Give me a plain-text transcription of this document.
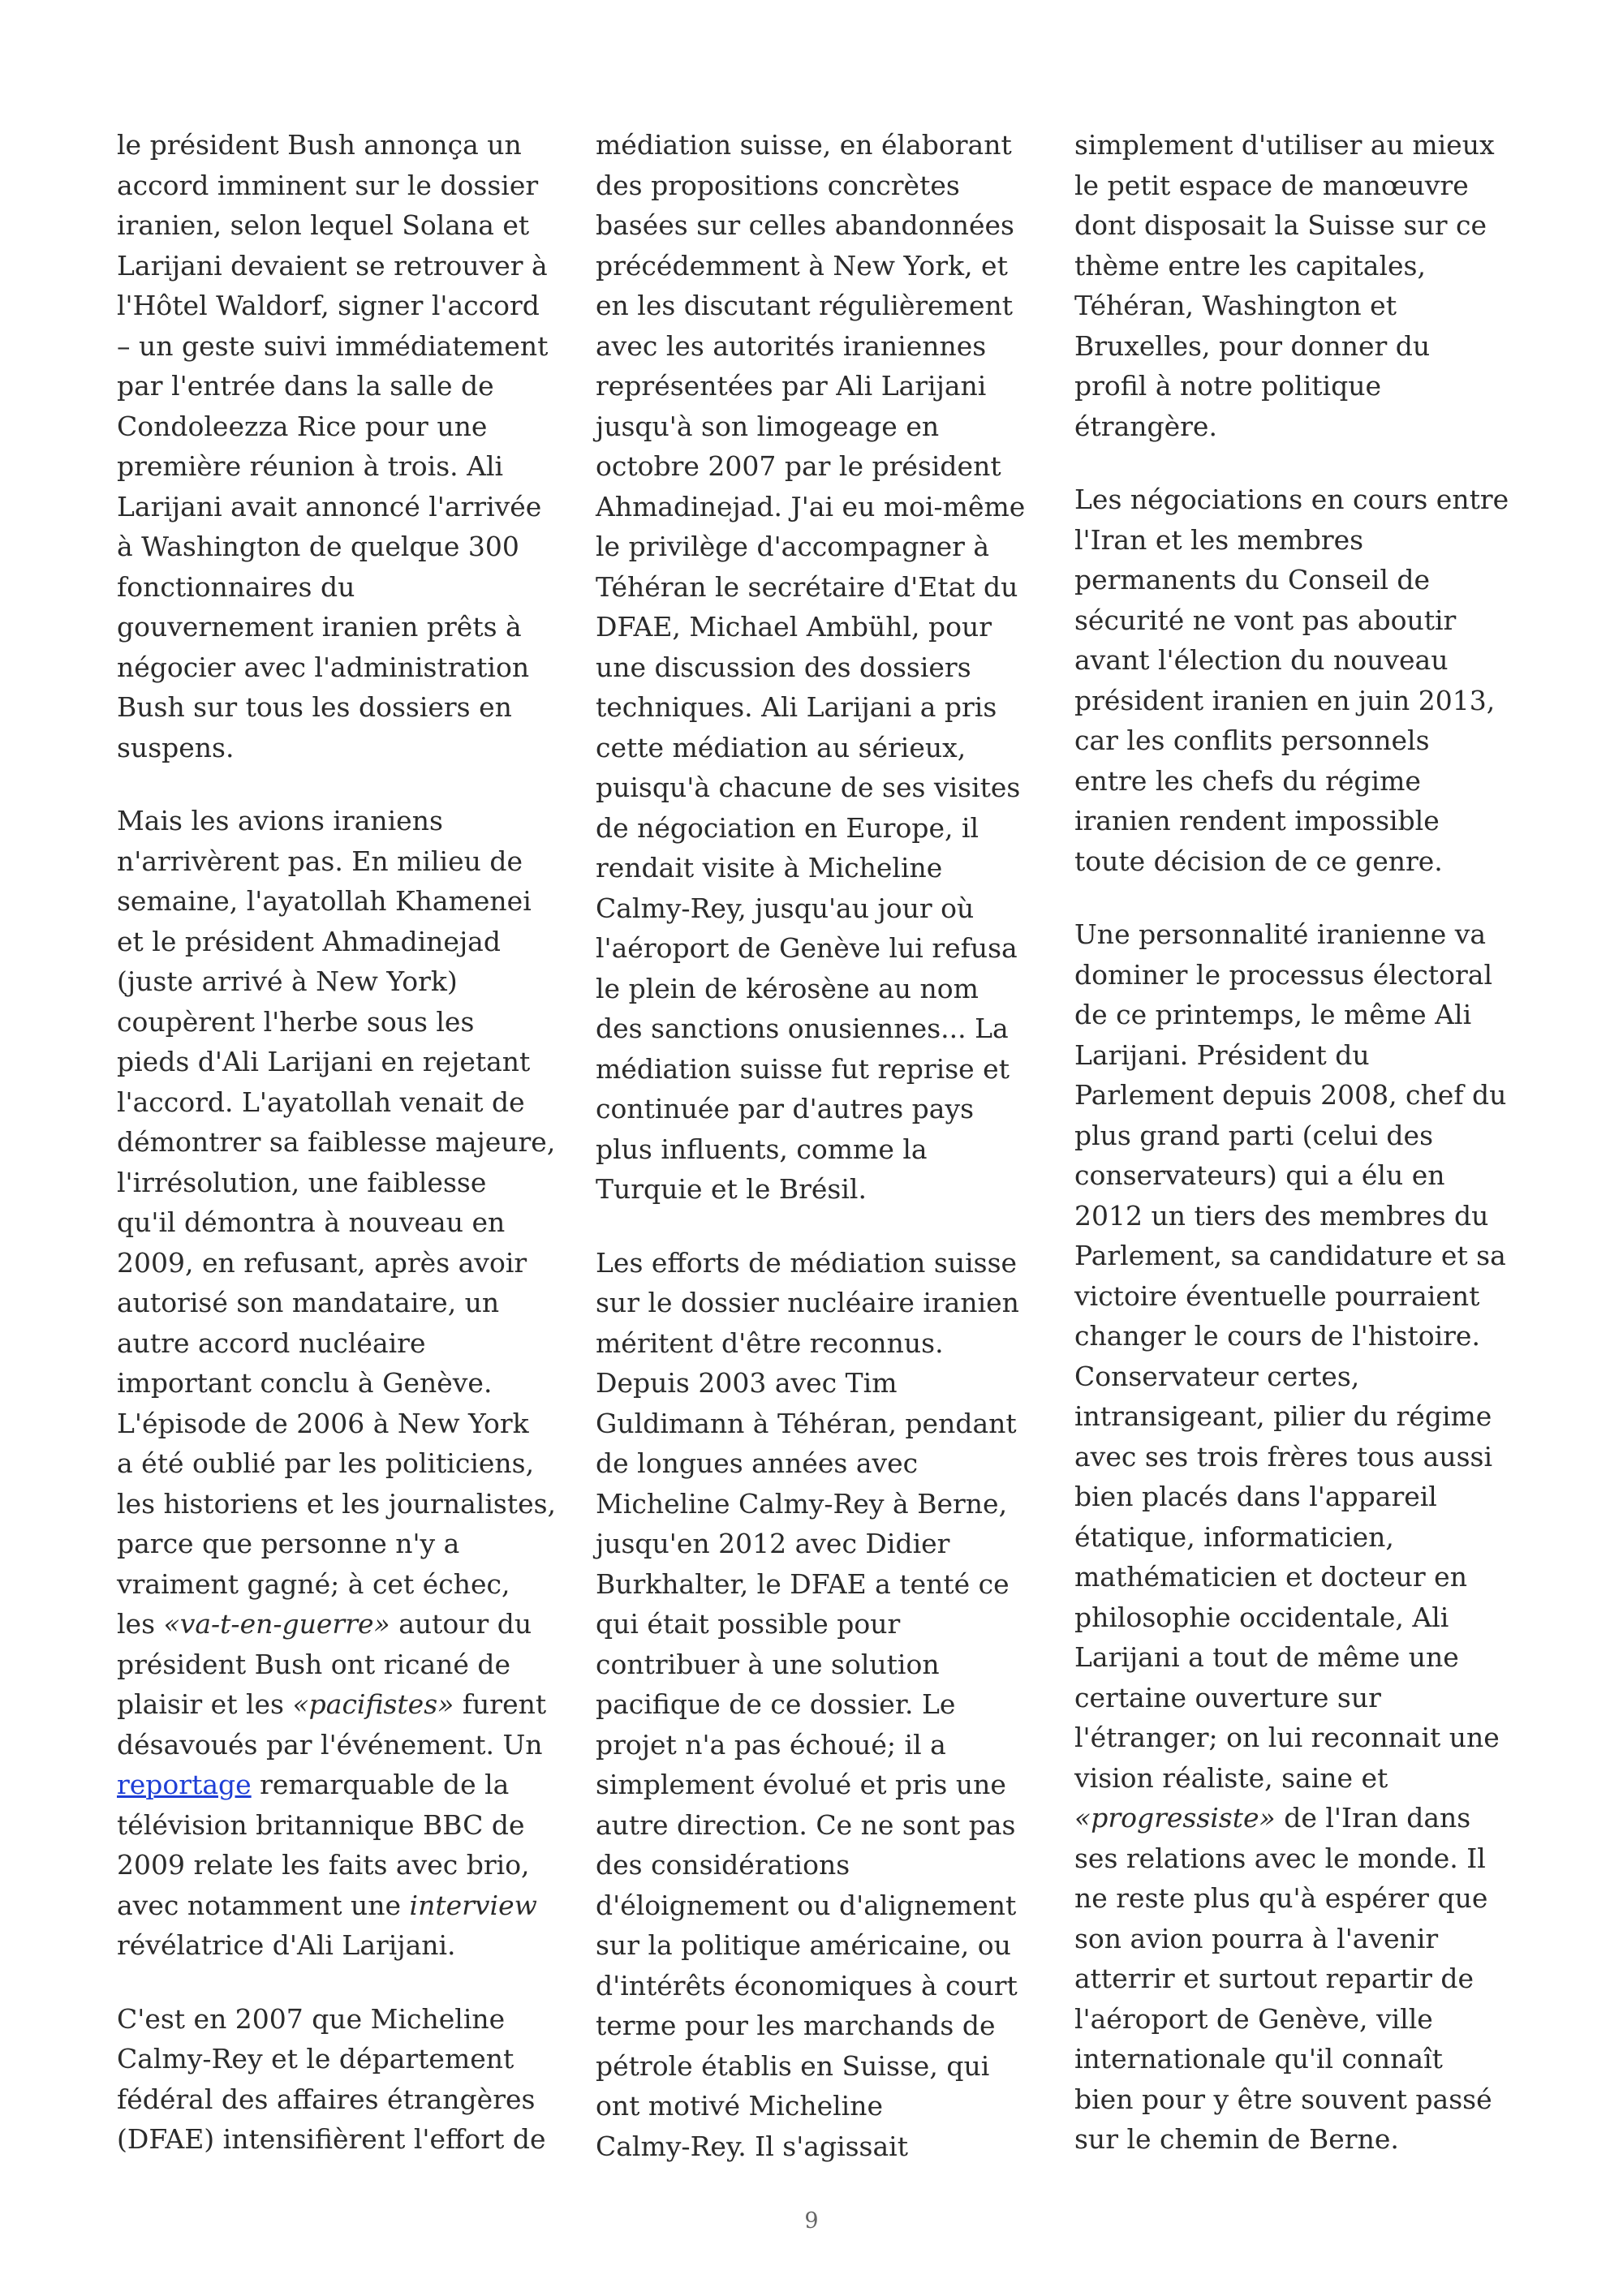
le président Bush annonça un
accord imminent sur le dossier
iranien, selon lequel Solana et
Larijani devaient se retrouver à
l'Hôtel Waldorf, signer l'accord
– un geste suivi immédiatement
par l'entrée dans la salle de
Condoleezza Rice pour une
première réunion à trois. Ali
Larijani avait annoncé l'arrivée
à Washington de quelque 300
fonctionnaires du
gouvernement iranien prêts à
négocier avec l'administration
Bush sur tous les dossiers en
suspens.

Mais les avions iraniens
n'arrivèrent pas. En milieu de
semaine, l'ayatollah Khamenei
et le président Ahmadinejad
(juste arrivé à New York)
coupèrent l'herbe sous les
pieds d'Ali Larijani en rejetant
l'accord. L'ayatollah venait de
démontrer sa faiblesse majeure,
l'irrésolution, une faiblesse
qu'il démontra à nouveau en
2009, en refusant, après avoir
autorisé son mandataire, un
autre accord nucléaire
important conclu à Genève.
L'épisode de 2006 à New York
a été oublié par les politiciens,
les historiens et les journalistes,
parce que personne n'y a
vraiment gagné; à cet échec,
les «va-t-en-guerre» autour du
président Bush ont ricané de
plaisir et les «pacifistes» furent
désavoués par l'événement. Un
reportage remarquable de la
télévision britannique BBC de
2009 relate les faits avec brio,
avec notamment une interview
révélatrice d'Ali Larijani.

C'est en 2007 que Micheline
Calmy-Rey et le département
fédéral des affaires étrangères
(DFAE) intensifièrent l'effort de

médiation suisse, en élaborant
des propositions concrètes
basées sur celles abandonnées
précédemment à New York, et
en les discutant régulièrement
avec les autorités iraniennes
représentées par Ali Larijani
jusqu'à son limogeage en
octobre 2007 par le président
Ahmadinejad. J'ai eu moi-même
le privilège d'accompagner à
Téhéran le secrétaire d'Etat du
DFAE, Michael Ambühl, pour
une discussion des dossiers
techniques. Ali Larijani a pris
cette médiation au sérieux,
puisqu'à chacune de ses visites
de négociation en Europe, il
rendait visite à Micheline
Calmy-Rey, jusqu'au jour où
l'aéroport de Genève lui refusa
le plein de kérosène au nom
des sanctions onusiennes... La
médiation suisse fut reprise et
continuée par d'autres pays
plus influents, comme la
Turquie et le Brésil.

Les efforts de médiation suisse
sur le dossier nucléaire iranien
méritent d'être reconnus.
Depuis 2003 avec Tim
Guldimann à Téhéran, pendant
de longues années avec
Micheline Calmy-Rey à Berne,
jusqu'en 2012 avec Didier
Burkhalter, le DFAE a tenté ce
qui était possible pour
contribuer à une solution
pacifique de ce dossier. Le
projet n'a pas échoué; il a
simplement évolué et pris une
autre direction. Ce ne sont pas
des considérations
d'éloignement ou d'alignement
sur la politique américaine, ou
d'intérêts économiques à court
terme pour les marchands de
pétrole établis en Suisse, qui
ont motivé Micheline
Calmy-Rey. Il s'agissait

simplement d'utiliser au mieux
le petit espace de manœuvre
dont disposait la Suisse sur ce
thème entre les capitales,
Téhéran, Washington et
Bruxelles, pour donner du
profil à notre politique
étrangère.

Les négociations en cours entre
l'Iran et les membres
permanents du Conseil de
sécurité ne vont pas aboutir
avant l'élection du nouveau
président iranien en juin 2013,
car les conflits personnels
entre les chefs du régime
iranien rendent impossible
toute décision de ce genre.

Une personnalité iranienne va
dominer le processus électoral
de ce printemps, le même Ali
Larijani. Président du
Parlement depuis 2008, chef du
plus grand parti (celui des
conservateurs) qui a élu en
2012 un tiers des membres du
Parlement, sa candidature et sa
victoire éventuelle pourraient
changer le cours de l'histoire.
Conservateur certes,
intransigeant, pilier du régime
avec ses trois frères tous aussi
bien placés dans l'appareil
étatique, informaticien,
mathématicien et docteur en
philosophie occidentale, Ali
Larijani a tout de même une
certaine ouverture sur
l'étranger; on lui reconnait une
vision réaliste, saine et
«progressiste» de l'Iran dans
ses relations avec le monde. Il
ne reste plus qu'à espérer que
son avion pourra à l'avenir
atterrir et surtout repartir de
l'aéroport de Genève, ville
internationale qu'il connaît
bien pour y être souvent passé
sur le chemin de Berne.

9
